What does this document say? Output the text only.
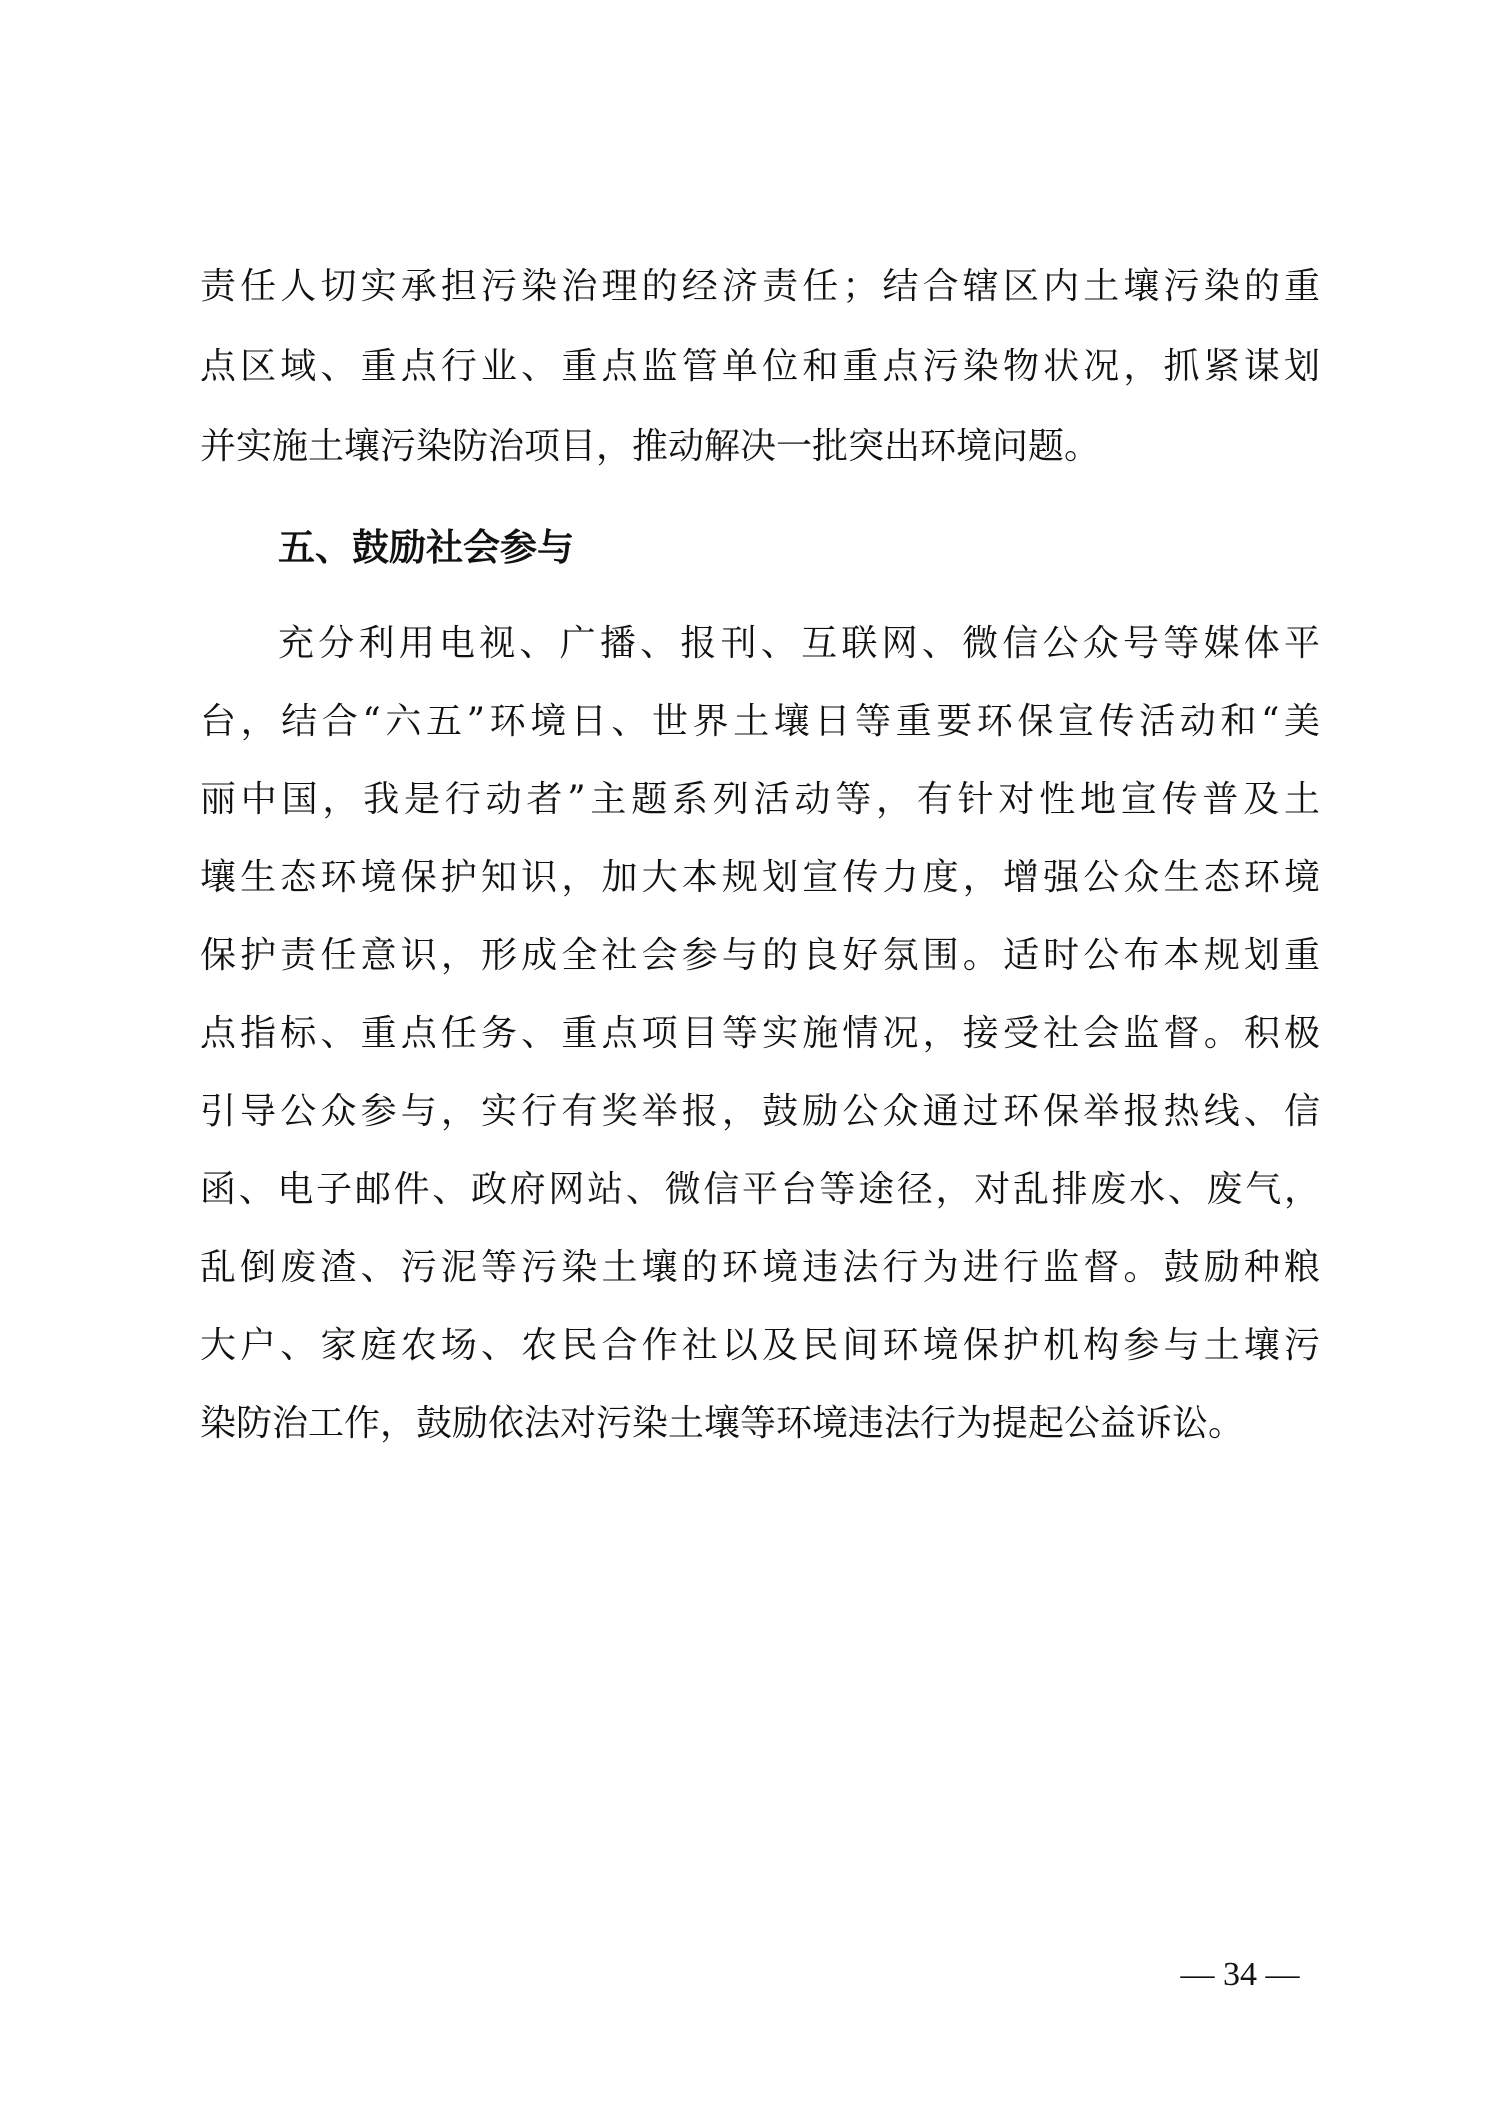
责任人切实承担污染治理的经济责任；结合辖区内土壤污染的重
点区域、重点行业、重点监管单位和重点污染物状况，抓紧谋划
并实施土壤污染防治项目，推动解决一批突出环境问题。
五、鼓励社会参与
充分利用电视、广播、报刊、互联网、微信公众号等媒体平
台，结合“六五”环境日、世界土壤日等重要环保宣传活动和“美
丽中国，我是行动者”主题系列活动等，有针对性地宣传普及土
壤生态环境保护知识，加大本规划宣传力度，增强公众生态环境
保护责任意识，形成全社会参与的良好氛围。适时公布本规划重
点指标、重点任务、重点项目等实施情况，接受社会监督。积极
引导公众参与，实行有奖举报，鼓励公众通过环保举报热线、信
函、电子邮件、政府网站、微信平台等途径，对乱排废水、废气，
乱倒废渣、污泥等污染土壤的环境违法行为进行监督。鼓励种粮
大户、家庭农场、农民合作社以及民间环境保护机构参与土壤污
染防治工作，鼓励依法对污染土壤等环境违法行为提起公益诉讼。
— 34 —
